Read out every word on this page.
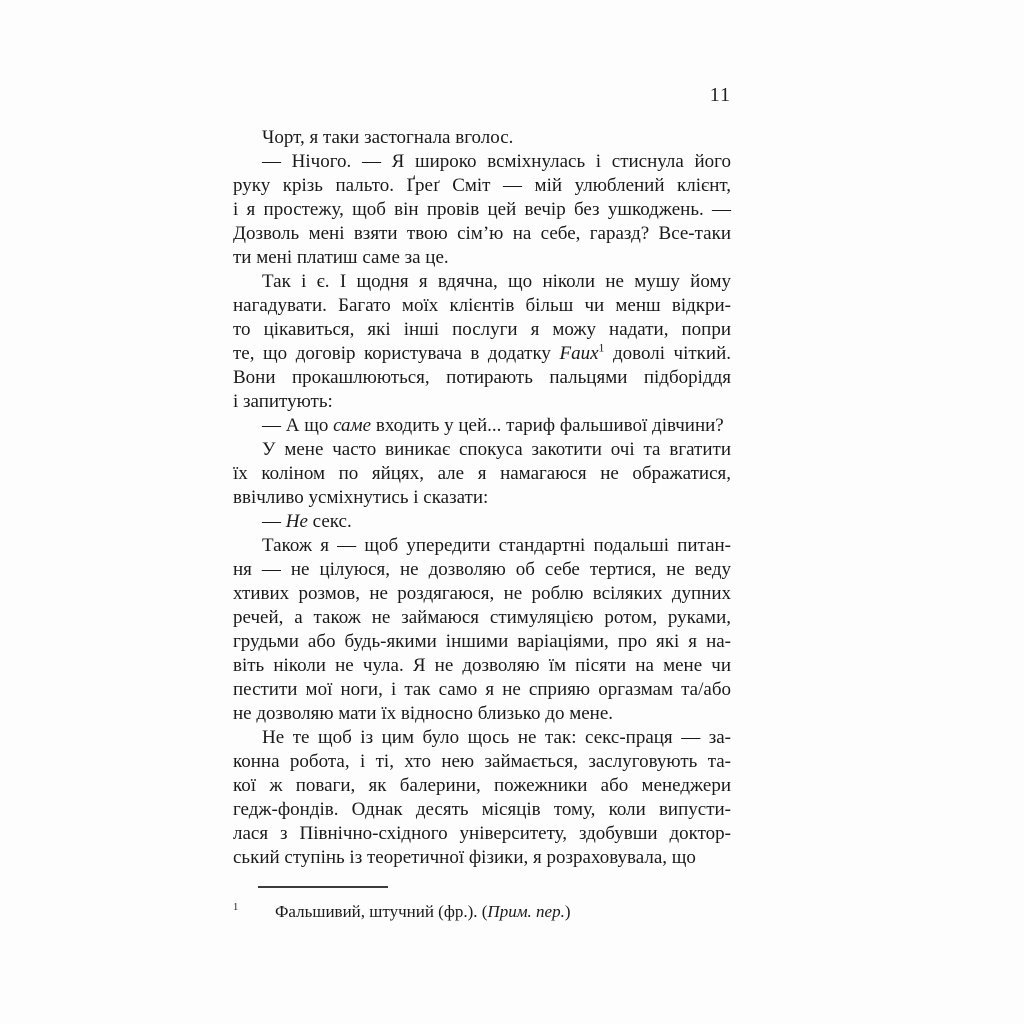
11
Чорт, я таки застогнала вголос.
— Нічого. — Я широко всміхнулась і стиснула його
руку крізь пальто. Ґреґ Сміт — мій улюблений клієнт,
і я простежу, щоб він провів цей вечір без ушкоджень. —
Дозволь мені взяти твою сім’ю на себе, гаразд? Все-таки
ти мені платиш саме за це.
Так і є. І щодня я вдячна, що ніколи не мушу йому
нагадувати. Багато моїх клієнтів більш чи менш відкри-
то цікавиться, які інші послуги я можу надати, попри
те, що договір користувача в додатку Faux$^1$ доволі чіткий.
Вони прокашлюються, потирають пальцями підборіддя
і запитують:
— А що саме входить у цей... тариф фальшивої дівчини?
У мене часто виникає спокуса закотити очі та вгатити
їх коліном по яйцях, але я намагаюся не ображатися,
ввічливо усміхнутись і сказати:
— Не секс.
Також я — щоб упередити стандартні подальші питан-
ня — не цілуюся, не дозволяю об себе тертися, не веду
хтивих розмов, не роздягаюся, не роблю всіляких дупних
речей, а також не займаюся стимуляцією ротом, руками,
грудьми або будь-якими іншими варіаціями, про які я на-
віть ніколи не чула. Я не дозволяю їм пісяти на мене чи
пестити мої ноги, і так само я не сприяю оргазмам та/або
не дозволяю мати їх відносно близько до мене.
Не те щоб із цим було щось не так: секс-праця — за-
конна робота, і ті, хто нею займається, заслуговують та-
кої ж поваги, як балерини, пожежники або менеджери
гедж-фондів. Однак десять місяців тому, коли випусти-
лася з Північно-східного університету, здобувши доктор-
ський ступінь із теоретичної фізики, я розраховувала, що
1 Фальшивий, штучний (фр.). (Прим. пер.)
